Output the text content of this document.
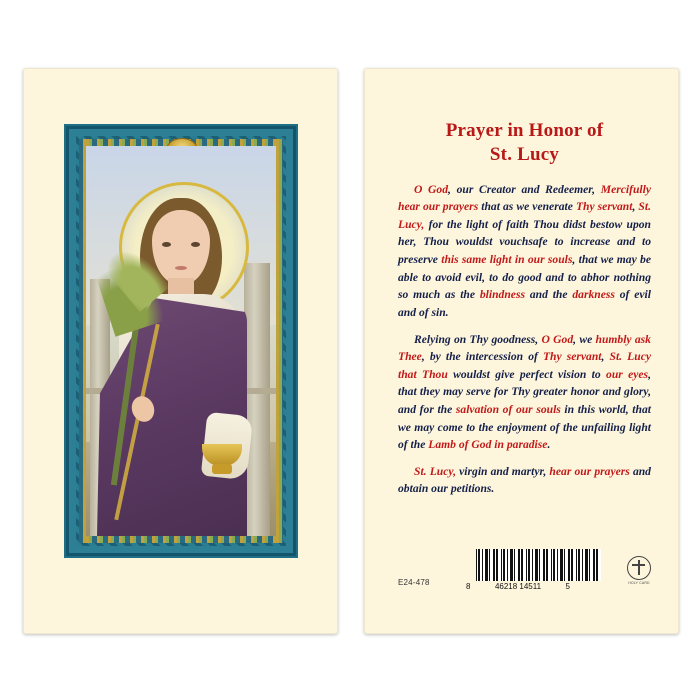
Prayer in Honor of
St. Lucy

O God, our Creator and Redeemer, Mercifully hear our prayers that as we venerate Thy servant, St. Lucy, for the light of faith Thou didst bestow upon her, Thou wouldst vouchsafe to increase and to preserve this same light in our souls, that we may be able to avoid evil, to do good and to abhor nothing so much as the blindness and the darkness of evil and of sin.

Relying on Thy goodness, O God, we humbly ask Thee, by the intercession of Thy servant, St. Lucy that Thou wouldst give perfect vision to our eyes, that they may serve for Thy greater honor and glory, and for the salvation of our souls in this world, that we may come to the enjoyment of the unfailing light of the Lamb of God in paradise.

St. Lucy, virgin and martyr, hear our prayers and obtain our petitions.

E24-478	8	46218 14511	5	HOLY CARD
